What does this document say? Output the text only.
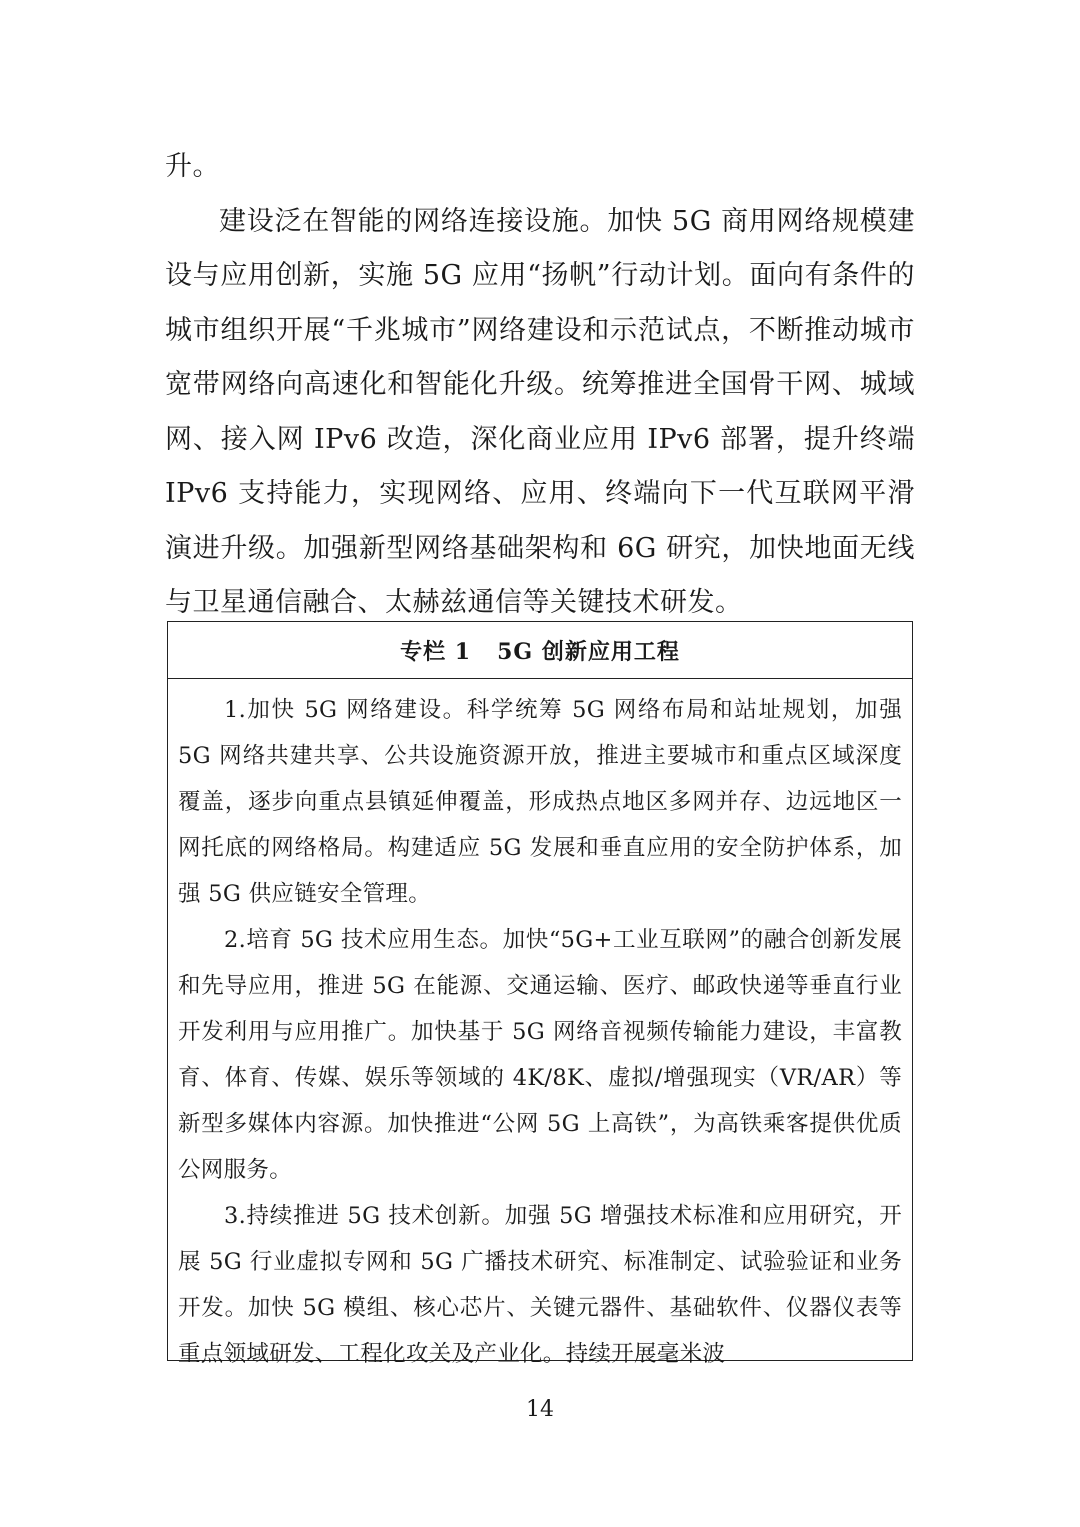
升。

建设泛在智能的网络连接设施。加快 5G 商用网络规模建设与应用创新，实施 5G 应用“扬帆”行动计划。面向有条件的城市组织开展“千兆城市”网络建设和示范试点，不断推动城市宽带网络向高速化和智能化升级。统筹推进全国骨干网、城域网、接入网 IPv6 改造，深化商业应用 IPv6 部署，提升终端 IPv6 支持能力，实现网络、应用、终端向下一代互联网平滑演进升级。加强新型网络基础架构和 6G 研究，加快地面无线与卫星通信融合、太赫兹通信等关键技术研发。

专栏 1 5G 创新应用工程

1.加快 5G 网络建设。科学统筹 5G 网络布局和站址规划，加强 5G 网络共建共享、公共设施资源开放，推进主要城市和重点区域深度覆盖，逐步向重点县镇延伸覆盖，形成热点地区多网并存、边远地区一网托底的网络格局。构建适应 5G 发展和垂直应用的安全防护体系，加强 5G 供应链安全管理。

2.培育 5G 技术应用生态。加快“5G+工业互联网”的融合创新发展和先导应用，推进 5G 在能源、交通运输、医疗、邮政快递等垂直行业开发利用与应用推广。加快基于 5G 网络音视频传输能力建设，丰富教育、体育、传媒、娱乐等领域的 4K/8K、虚拟/增强现实（VR/AR）等新型多媒体内容源。加快推进“公网 5G 上高铁”，为高铁乘客提供优质公网服务。

3.持续推进 5G 技术创新。加强 5G 增强技术标准和应用研究，开展 5G 行业虚拟专网和 5G 广播技术研究、标准制定、试验验证和业务开发。加快 5G 模组、核心芯片、关键元器件、基础软件、仪器仪表等重点领域研发、工程化攻关及产业化。持续开展毫米波

14
